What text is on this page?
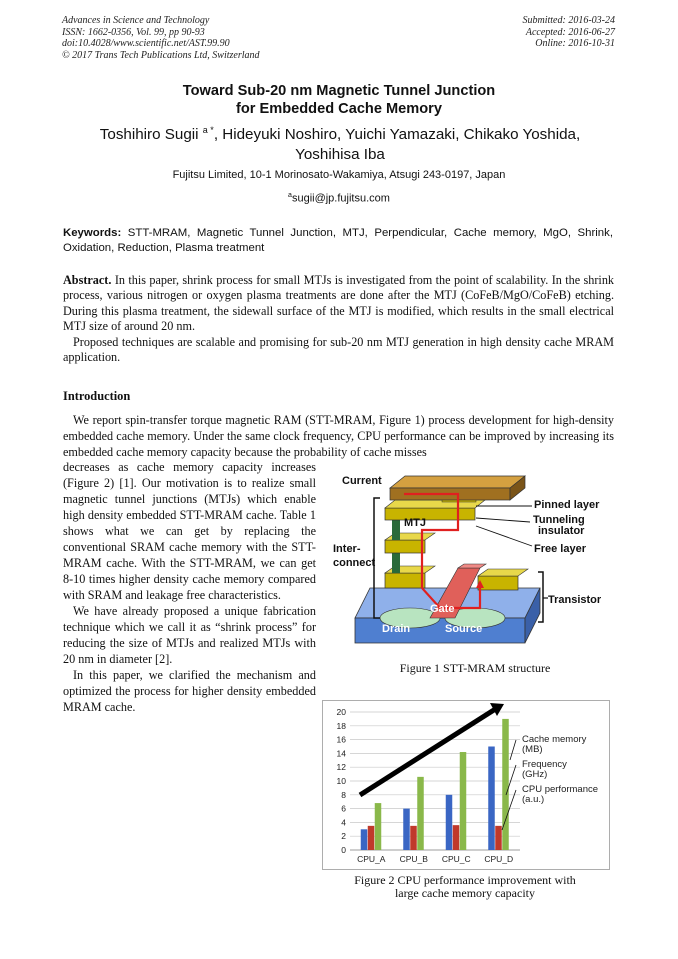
Advances in Science and Technology
ISSN: 1662-0356, Vol. 99, pp 90-93
doi:10.4028/www.scientific.net/AST.99.90
© 2017 Trans Tech Publications Ltd, Switzerland
Submitted: 2016-03-24
Accepted: 2016-06-27
Online: 2016-10-31
Toward Sub-20 nm Magnetic Tunnel Junction
for Embedded Cache Memory
Toshihiro Sugii $^{a *}$, Hideyuki Noshiro, Yuichi Yamazaki, Chikako Yoshida,
Yoshihisa Iba
Fujitsu Limited, 10-1 Morinosato-Wakamiya, Atsugi 243-0197, Japan
$^a$sugii@jp.fujitsu.com
Keywords: STT-MRAM, Magnetic Tunnel Junction, MTJ, Perpendicular, Cache memory, MgO, Shrink, Oxidation, Reduction, Plasma treatment

Abstract. In this paper, shrink process for small MTJs is investigated from the point of scalability. In the shrink process, various nitrogen or oxygen plasma treatments are done after the MTJ (CoFeB/MgO/CoFeB) etching. During this plasma treatment, the sidewall surface of the MTJ is modified, which results in the small electrical MTJ size of around 20 nm.

Proposed techniques are scalable and promising for sub-20 nm MTJ generation in high density cache MRAM application.

Introduction

We report spin-transfer torque magnetic RAM (STT-MRAM, Figure 1) process development for high-density embedded cache memory. Under the same clock frequency, CPU performance can be improved by increasing its embedded cache memory capacity because the probability of cache misses

decreases as cache memory capacity increases (Figure 2) [1]. Our motivation is to realize small magnetic tunnel junctions (MTJs) which enable high density embedded STT-MRAM cache. Table 1 shows what we can get by replacing the conventional SRAM cache memory with the STT-MRAM cache. With the STT-MRAM, we can get 8-10 times higher density cache memory compared with SRAM and leakage free characteristics.

We have already proposed a unique fabrication technique which we call it as “shrink process” for reducing the size of MTJs and realized MTJs with 20 nm in diameter [2].

In this paper, we clarified the mechanism and optimized the process for higher density embedded MRAM cache.

Current
MTJ
Pinned layer
Tunneling
insulator
Free layer
Inter-
connect
Transistor
Gate
Drain	Source
Figure 1 STT-MRAM structure
0
2
4
6
8
10
12
14
16
18
20
CPU_A CPU_B CPU_C CPU_D
Cache memory
(MB)
Frequency
(GHz)
CPU performance
(a.u.)
Figure 2 CPU performance improvement with
large cache memory capacity
